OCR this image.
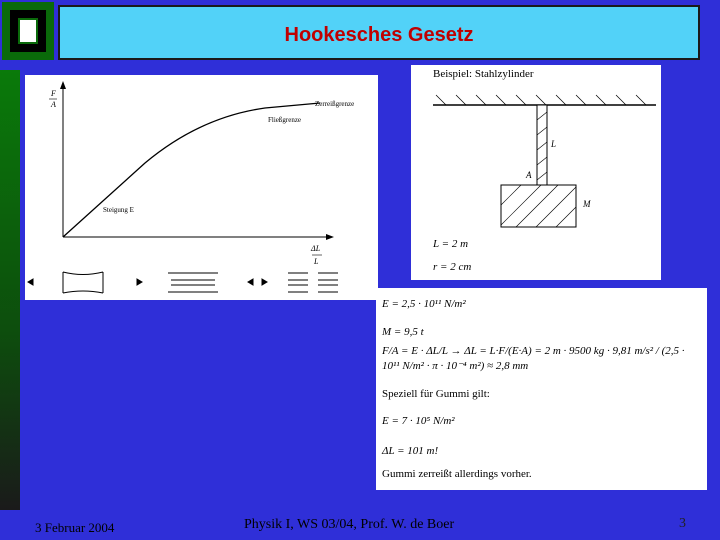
Hookesches Gesetz
F
A	Zerreißgrenze
Fließgrenze
Steigung E
ΔL
L
Beispiel: Stahlzylinder
L
A
M
L = 2 m
r = 2 cm
E = 2,5 · 10¹¹ N/m²
M = 9,5 t
F/A = E · ΔL/L → ΔL = L·F/(E·A) = 2 m · 9500 kg · 9,81 m/s² / (2,5 · 10¹¹ N/m² · π · 10⁻⁴ m²) ≈ 2,8 mm
Speziell für Gummi gilt:
E = 7 · 10⁵ N/m²
ΔL = 101 m!
Gummi zerreißt allerdings vorher.
3 Februar 2004	Physik I, WS 03/04, Prof. W. de Boer	3
